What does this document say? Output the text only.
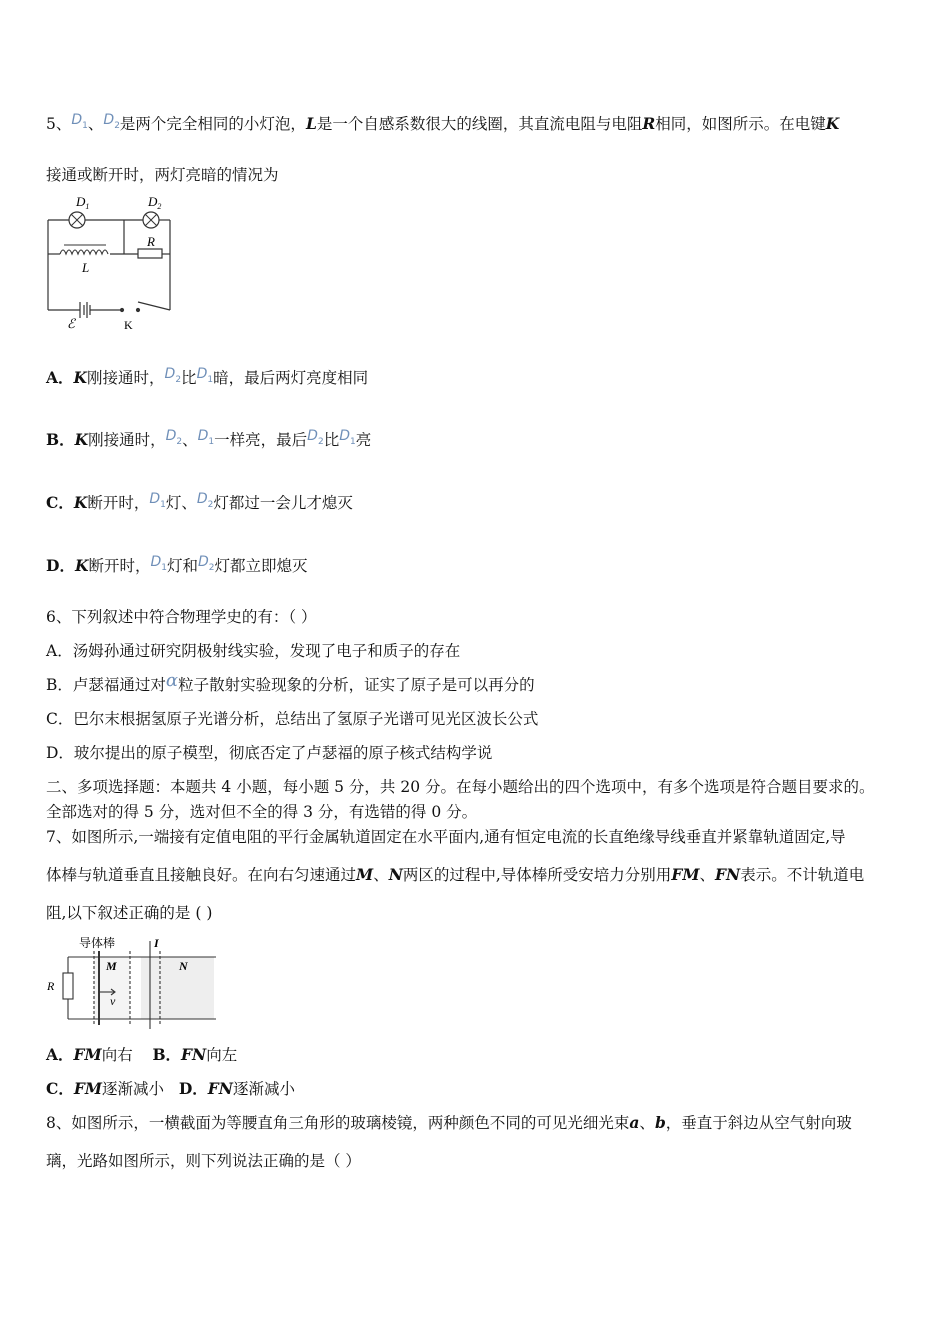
5、$D_1$、$D_2$是两个完全相同的小灯泡，L是一个自感系数很大的线圈，其直流电阻与电阻R相同，如图所示。在电键K
接通或断开时，两灯亮暗的情况为
$D_1$	$D_2$
R
L
ℰ	K
A．K刚接通时，$D_2$比$D_1$暗，最后两灯亮度相同
B．K刚接通时，$D_2$、$D_1$一样亮，最后$D_2$比$D_1$亮
C．K断开时，$D_1$灯、$D_2$灯都过一会儿才熄灭
D．K断开时，$D_1$灯和$D_2$灯都立即熄灭
6、下列叙述中符合物理学史的有：（ ）
A．汤姆孙通过研究阴极射线实验，发现了电子和质子的存在
B．卢瑟福通过对α粒子散射实验现象的分析，证实了原子是可以再分的
C．巴尔末根据氢原子光谱分析，总结出了氢原子光谱可见光区波长公式
D．玻尔提出的原子模型，彻底否定了卢瑟福的原子核式结构学说
二、多项选择题：本题共 4 小题，每小题 5 分，共 20 分。在每小题给出的四个选项中，有多个选项是符合题目要求的。
全部选对的得 5 分，选对但不全的得 3 分，有选错的得 0 分。
7、如图所示,一端接有定值电阻的平行金属轨道固定在水平面内,通有恒定电流的长直绝缘导线垂直并紧靠轨道固定,导
体棒与轨道垂直且接触良好。在向右匀速通过M、N两区的过程中,导体棒所受安培力分别用FM、FN表示。不计轨道电
阻,以下叙述正确的是 ( )
导体棒	I
M	N
R
v
A．FM向右 B．FN向左
C．FM逐渐减小 D．FN逐渐减小
8、如图所示，一横截面为等腰直角三角形的玻璃棱镜，两种颜色不同的可见光细光束a、b，垂直于斜边从空气射向玻
璃，光路如图所示，则下列说法正确的是（ ）
